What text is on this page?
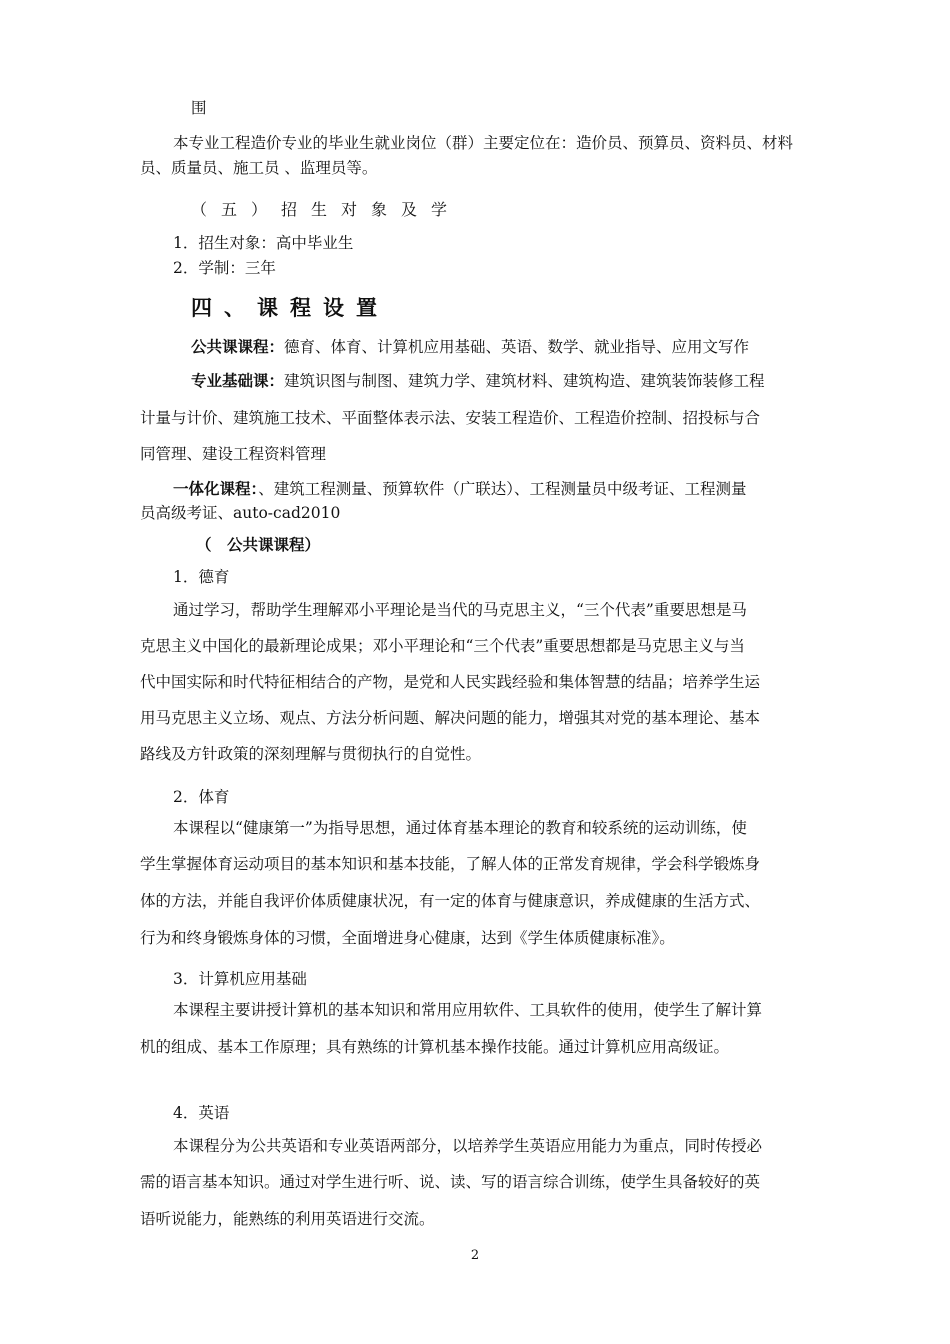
围
本专业工程造价专业的毕业生就业岗位（群）主要定位在：造价员、预算员、资料员、材料
员、质量员、施工员 、监理员等。
（五）招生对象及学
1．招生对象：高中毕业生
2．学制：三年
四、课程设置
公共课课程：德育、体育、计算机应用基础、英语、数学、就业指导、应用文写作
专业基础课：建筑识图与制图、建筑力学、建筑材料、建筑构造、建筑装饰装修工程
计量与计价、建筑施工技术、平面整体表示法、安装工程造价、工程造价控制、招投标与合
同管理、建设工程资料管理
一体化课程：、建筑工程测量、预算软件（广联达）、工程测量员中级考证、工程测量
员高级考证、auto-cad2010
（　公共课课程）
1．德育
通过学习，帮助学生理解邓小平理论是当代的马克思主义，“三个代表”重要思想是马
克思主义中国化的最新理论成果；邓小平理论和“三个代表”重要思想都是马克思主义与当
代中国实际和时代特征相结合的产物，是党和人民实践经验和集体智慧的结晶；培养学生运
用马克思主义立场、观点、方法分析问题、解决问题的能力，增强其对党的基本理论、基本
路线及方针政策的深刻理解与贯彻执行的自觉性。
2．体育
本课程以“健康第一”为指导思想，通过体育基本理论的教育和较系统的运动训练，使
学生掌握体育运动项目的基本知识和基本技能，了解人体的正常发育规律，学会科学锻炼身
体的方法，并能自我评价体质健康状况，有一定的体育与健康意识，养成健康的生活方式、
行为和终身锻炼身体的习惯，全面增进身心健康，达到《学生体质健康标准》。
3．计算机应用基础
本课程主要讲授计算机的基本知识和常用应用软件、工具软件的使用，使学生了解计算
机的组成、基本工作原理；具有熟练的计算机基本操作技能。通过计算机应用高级证。
4．英语
本课程分为公共英语和专业英语两部分，以培养学生英语应用能力为重点，同时传授必
需的语言基本知识。通过对学生进行听、说、读、写的语言综合训练，使学生具备较好的英
语听说能力，能熟练的利用英语进行交流。
2
